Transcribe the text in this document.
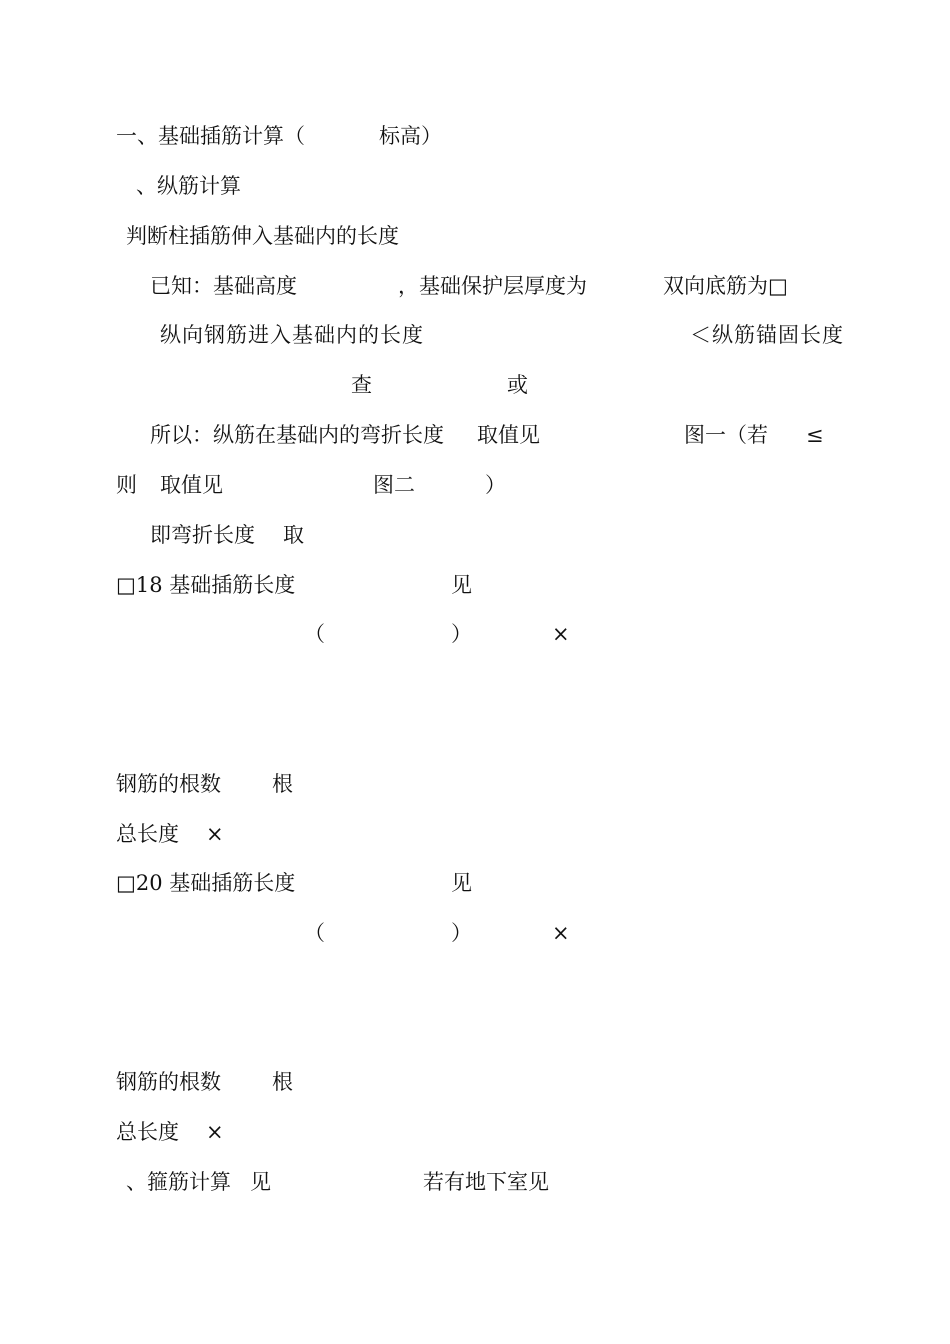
一、基础插筋计算（	标高）
、纵筋计算
判断柱插筋伸入基础内的长度
已知：基础高度	，基础保护层厚度为	双向底筋为□
纵向钢筋进入基础内的长度	＜纵筋锚固长度
查	或
所以：纵筋在基础内的弯折长度 取值见	图一（若 ≤
则 取值见	图二	）
即弯折长度 取
□18 基础插筋长度	见
（	）	×
钢筋的根数 根
总长度 ×
□20 基础插筋长度	见
（	）	×
钢筋的根数 根
总长度 ×
、箍筋计算 见	若有地下室见
